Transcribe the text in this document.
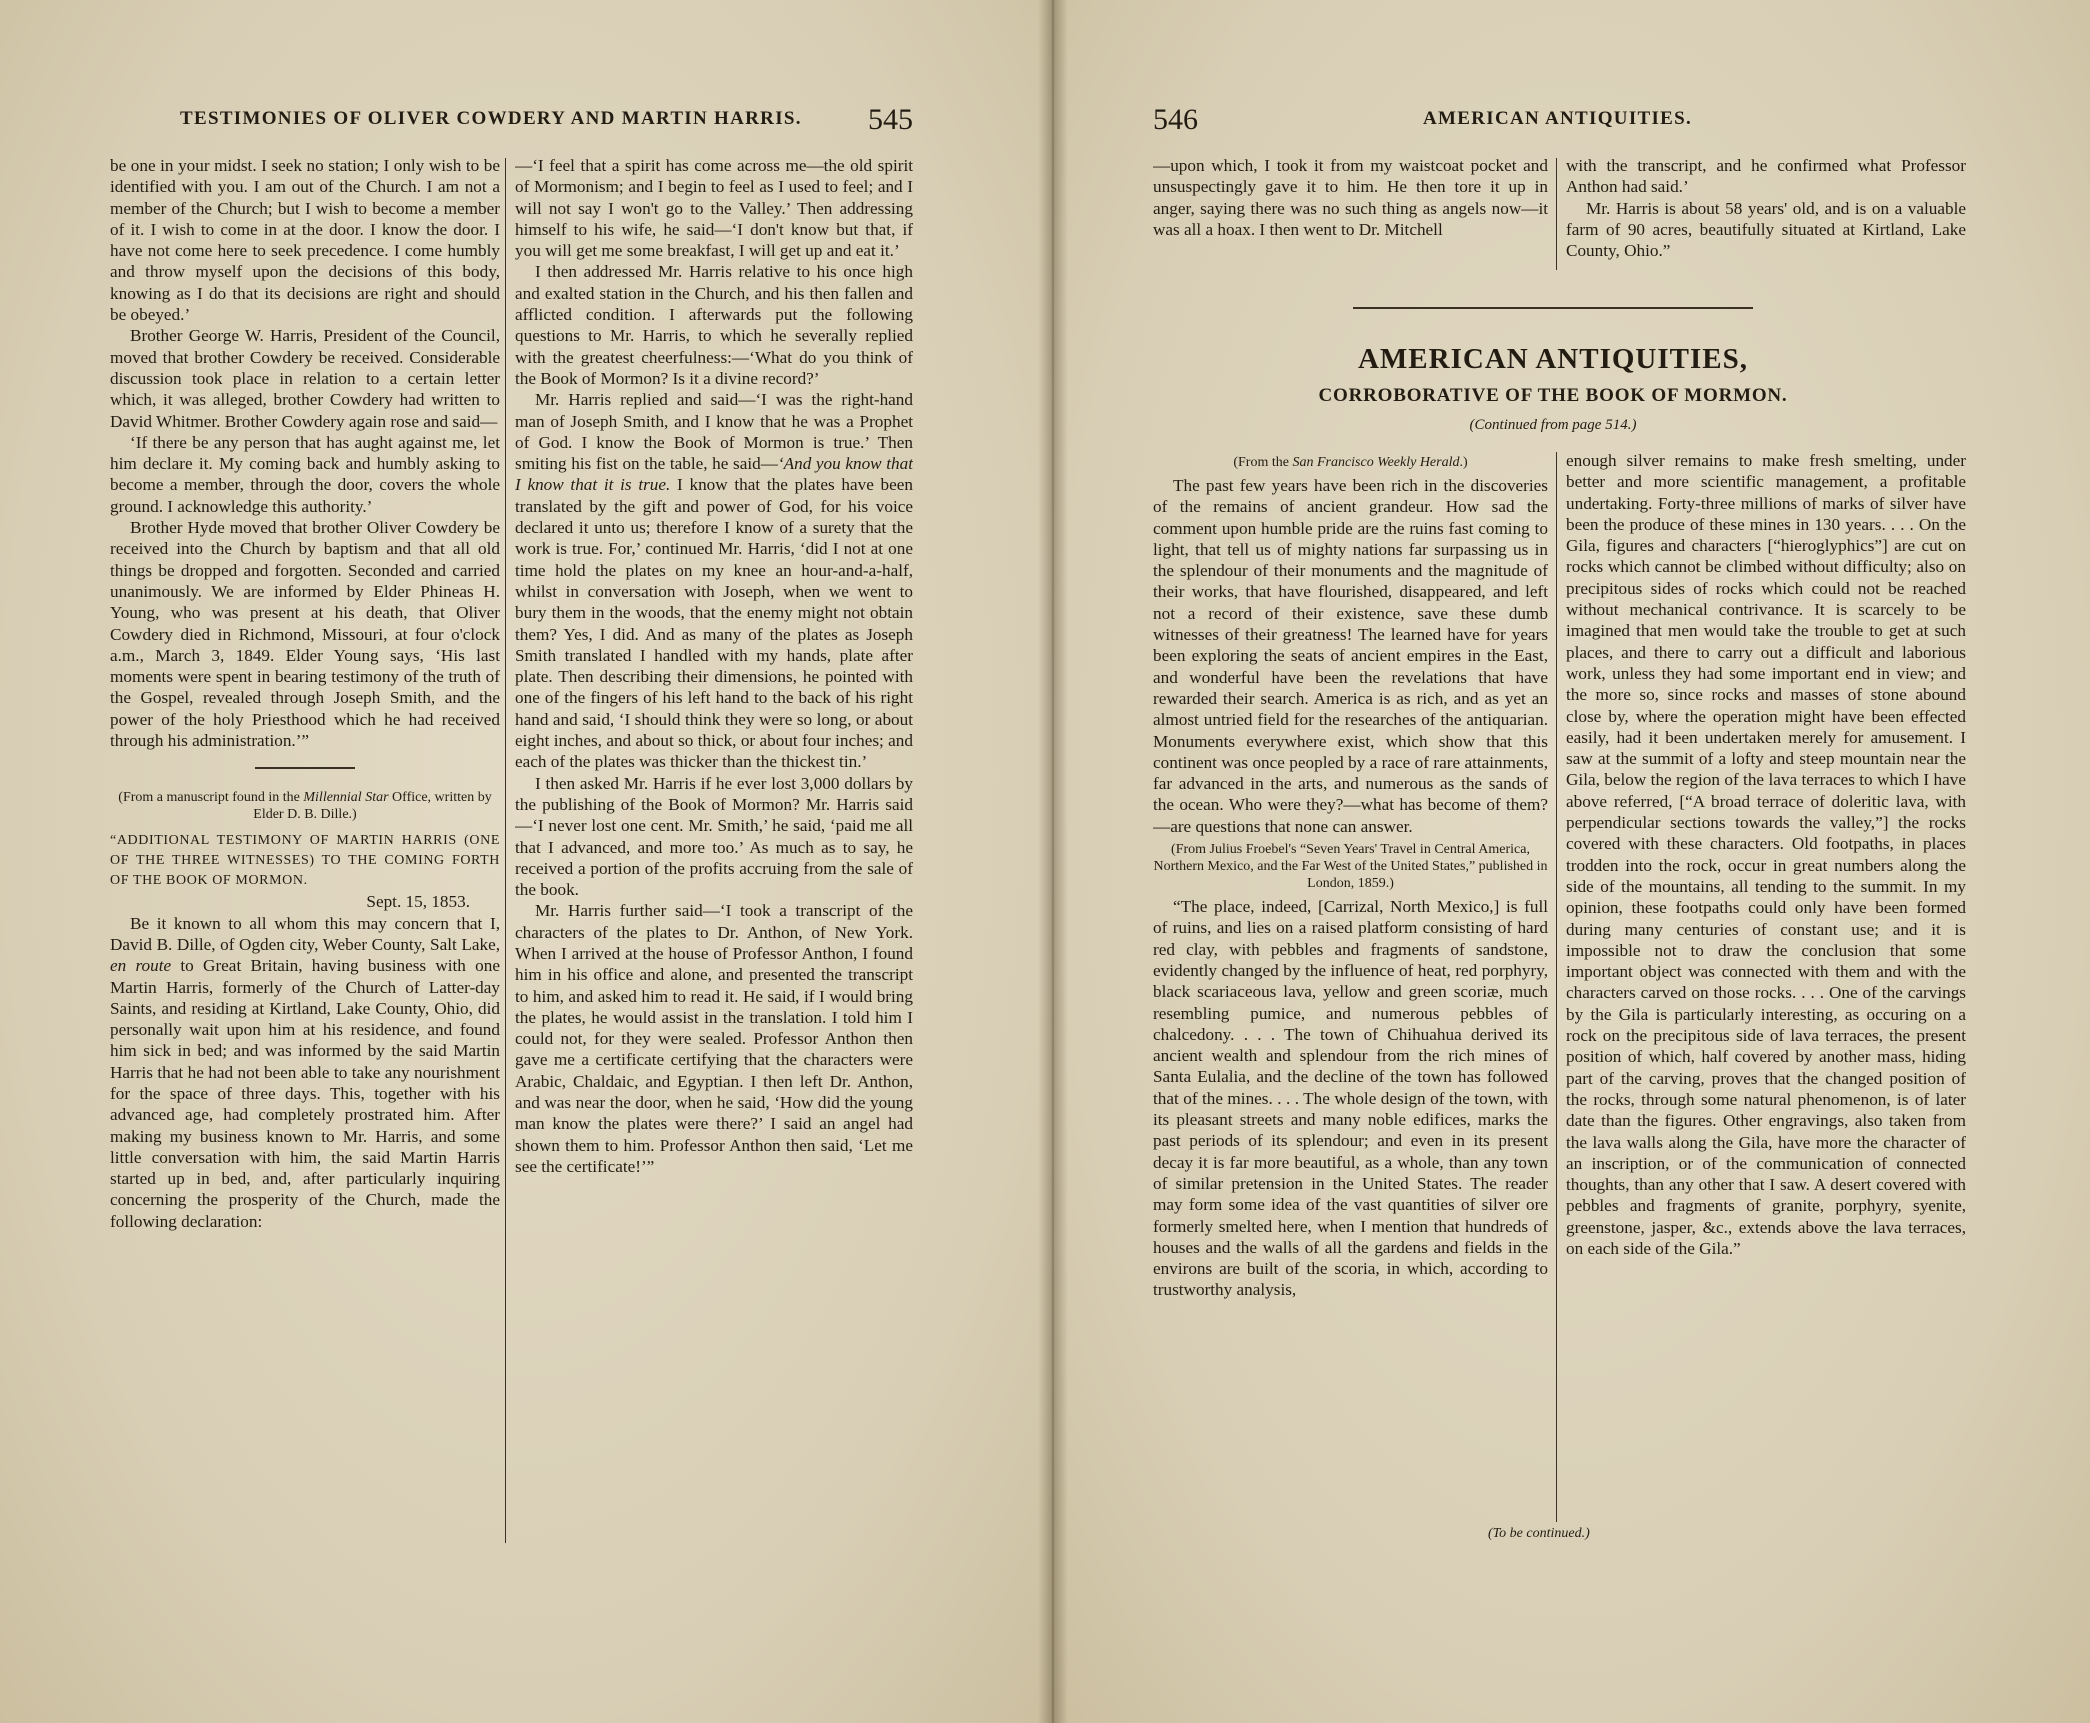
TESTIMONIES OF OLIVER COWDERY AND MARTIN HARRIS. 545

be one in your midst. I seek no station; I only wish to be identified with you. I am out of the Church. I am not a member of the Church; but I wish to become a member of it. I wish to come in at the door. I know the door. I have not come here to seek precedence. I come humbly and throw myself upon the decisions of this body, knowing as I do that its decisions are right and should be obeyed.’

Brother George W. Harris, President of the Council, moved that brother Cowdery be received. Considerable discussion took place in relation to a certain letter which, it was alleged, brother Cowdery had written to David Whitmer. Brother Cowdery again rose and said—

‘If there be any person that has aught against me, let him declare it. My coming back and humbly asking to become a member, through the door, covers the whole ground. I acknowledge this authority.’

Brother Hyde moved that brother Oliver Cowdery be received into the Church by baptism and that all old things be dropped and forgotten. Seconded and carried unanimously. We are informed by Elder Phineas H. Young, who was present at his death, that Oliver Cowdery died in Richmond, Missouri, at four o'clock a.m., March 3, 1849. Elder Young says, ‘His last moments were spent in bearing testimony of the truth of the Gospel, revealed through Joseph Smith, and the power of the holy Priesthood which he had received through his administration.’”

(From a manuscript found in the Millennial Star Office, written by Elder D. B. Dille.)

“ADDITIONAL TESTIMONY OF MARTIN HARRIS (ONE OF THE THREE WITNESSES) TO THE COMING FORTH OF THE BOOK OF MORMON.

Sept. 15, 1853.

Be it known to all whom this may concern that I, David B. Dille, of Ogden city, Weber County, Salt Lake, en route to Great Britain, having business with one Martin Harris, formerly of the Church of Latter-day Saints, and residing at Kirtland, Lake County, Ohio, did personally wait upon him at his residence, and found him sick in bed; and was informed by the said Martin Harris that he had not been able to take any nourishment for the space of three days. This, together with his advanced age, had completely prostrated him. After making my business known to Mr. Harris, and some little conversation with him, the said Martin Harris started up in bed, and, after particularly inquiring concerning the prosperity of the Church, made the following declaration:

—‘I feel that a spirit has come across me—the old spirit of Mormonism; and I begin to feel as I used to feel; and I will not say I won't go to the Valley.’ Then addressing himself to his wife, he said—‘I don't know but that, if you will get me some breakfast, I will get up and eat it.’

I then addressed Mr. Harris relative to his once high and exalted station in the Church, and his then fallen and afflicted condition. I afterwards put the following questions to Mr. Harris, to which he severally replied with the greatest cheerfulness:—‘What do you think of the Book of Mormon? Is it a divine record?’

Mr. Harris replied and said—‘I was the right-hand man of Joseph Smith, and I know that he was a Prophet of God. I know the Book of Mormon is true.’ Then smiting his fist on the table, he said—‘And you know that I know that it is true. I know that the plates have been translated by the gift and power of God, for his voice declared it unto us; therefore I know of a surety that the work is true. For,’ continued Mr. Harris, ‘did I not at one time hold the plates on my knee an hour-and-a-half, whilst in conversation with Joseph, when we went to bury them in the woods, that the enemy might not obtain them? Yes, I did. And as many of the plates as Joseph Smith translated I handled with my hands, plate after plate. Then describing their dimensions, he pointed with one of the fingers of his left hand to the back of his right hand and said, ‘I should think they were so long, or about eight inches, and about so thick, or about four inches; and each of the plates was thicker than the thickest tin.’

I then asked Mr. Harris if he ever lost 3,000 dollars by the publishing of the Book of Mormon? Mr. Harris said—‘I never lost one cent. Mr. Smith,’ he said, ‘paid me all that I advanced, and more too.’ As much as to say, he received a portion of the profits accruing from the sale of the book.

Mr. Harris further said—‘I took a transcript of the characters of the plates to Dr. Anthon, of New York. When I arrived at the house of Professor Anthon, I found him in his office and alone, and presented the transcript to him, and asked him to read it. He said, if I would bring the plates, he would assist in the translation. I told him I could not, for they were sealed. Professor Anthon then gave me a certificate certifying that the characters were Arabic, Chaldaic, and Egyptian. I then left Dr. Anthon, and was near the door, when he said, ‘How did the young man know the plates were there?’ I said an angel had shown them to him. Professor Anthon then said, ‘Let me see the certificate!’”

546	AMERICAN ANTIQUITIES.

—upon which, I took it from my waistcoat pocket and unsuspectingly gave it to him. He then tore it up in anger, saying there was no such thing as angels now—it was all a hoax. I then went to Dr. Mitchell

with the transcript, and he confirmed what Professor Anthon had said.’

Mr. Harris is about 58 years' old, and is on a valuable farm of 90 acres, beautifully situated at Kirtland, Lake County, Ohio.”

AMERICAN ANTIQUITIES,
CORROBORATIVE OF THE BOOK OF MORMON.
(Continued from page 514.)

(From the San Francisco Weekly Herald.)

The past few years have been rich in the discoveries of the remains of ancient grandeur. How sad the comment upon humble pride are the ruins fast coming to light, that tell us of mighty nations far surpassing us in the splendour of their monuments and the magnitude of their works, that have flourished, disappeared, and left not a record of their existence, save these dumb witnesses of their greatness! The learned have for years been exploring the seats of ancient empires in the East, and wonderful have been the revelations that have rewarded their search. America is as rich, and as yet an almost untried field for the researches of the antiquarian. Monuments everywhere exist, which show that this continent was once peopled by a race of rare attainments, far advanced in the arts, and numerous as the sands of the ocean. Who were they?—what has become of them?—are questions that none can answer.

(From Julius Froebel's “Seven Years' Travel in Central America, Northern Mexico, and the Far West of the United States,” published in London, 1859.)

“The place, indeed, [Carrizal, North Mexico,] is full of ruins, and lies on a raised platform consisting of hard red clay, with pebbles and fragments of sandstone, evidently changed by the influence of heat, red porphyry, black scariaceous lava, yellow and green scoriæ, much resembling pumice, and numerous pebbles of chalcedony. . . . The town of Chihuahua derived its ancient wealth and splendour from the rich mines of Santa Eulalia, and the decline of the town has followed that of the mines. . . . The whole design of the town, with its pleasant streets and many noble edifices, marks the past periods of its splendour; and even in its present decay it is far more beautiful, as a whole, than any town of similar pretension in the United States. The reader may form some idea of the vast quantities of silver ore formerly smelted here, when I mention that hundreds of houses and the walls of all the gardens and fields in the environs are built of the scoria, in which, according to trustworthy analysis,

enough silver remains to make fresh smelting, under better and more scientific management, a profitable undertaking. Forty-three millions of marks of silver have been the produce of these mines in 130 years. . . . On the Gila, figures and characters [“hieroglyphics”] are cut on rocks which cannot be climbed without difficulty; also on precipitous sides of rocks which could not be reached without mechanical contrivance. It is scarcely to be imagined that men would take the trouble to get at such places, and there to carry out a difficult and laborious work, unless they had some important end in view; and the more so, since rocks and masses of stone abound close by, where the operation might have been effected easily, had it been undertaken merely for amusement. I saw at the summit of a lofty and steep mountain near the Gila, below the region of the lava terraces to which I have above referred, [“A broad terrace of doleritic lava, with perpendicular sections towards the valley,”] the rocks covered with these characters. Old footpaths, in places trodden into the rock, occur in great numbers along the side of the mountains, all tending to the summit. In my opinion, these footpaths could only have been formed during many centuries of constant use; and it is impossible not to draw the conclusion that some important object was connected with them and with the characters carved on those rocks. . . . One of the carvings by the Gila is particularly interesting, as occuring on a rock on the precipitous side of lava terraces, the present position of which, half covered by another mass, hiding part of the carving, proves that the changed position of the rocks, through some natural phenomenon, is of later date than the figures. Other engravings, also taken from the lava walls along the Gila, have more the character of an inscription, or of the communication of connected thoughts, than any other that I saw. A desert covered with pebbles and fragments of granite, porphyry, syenite, greenstone, jasper, &c., extends above the lava terraces, on each side of the Gila.”

(To be continued.)
